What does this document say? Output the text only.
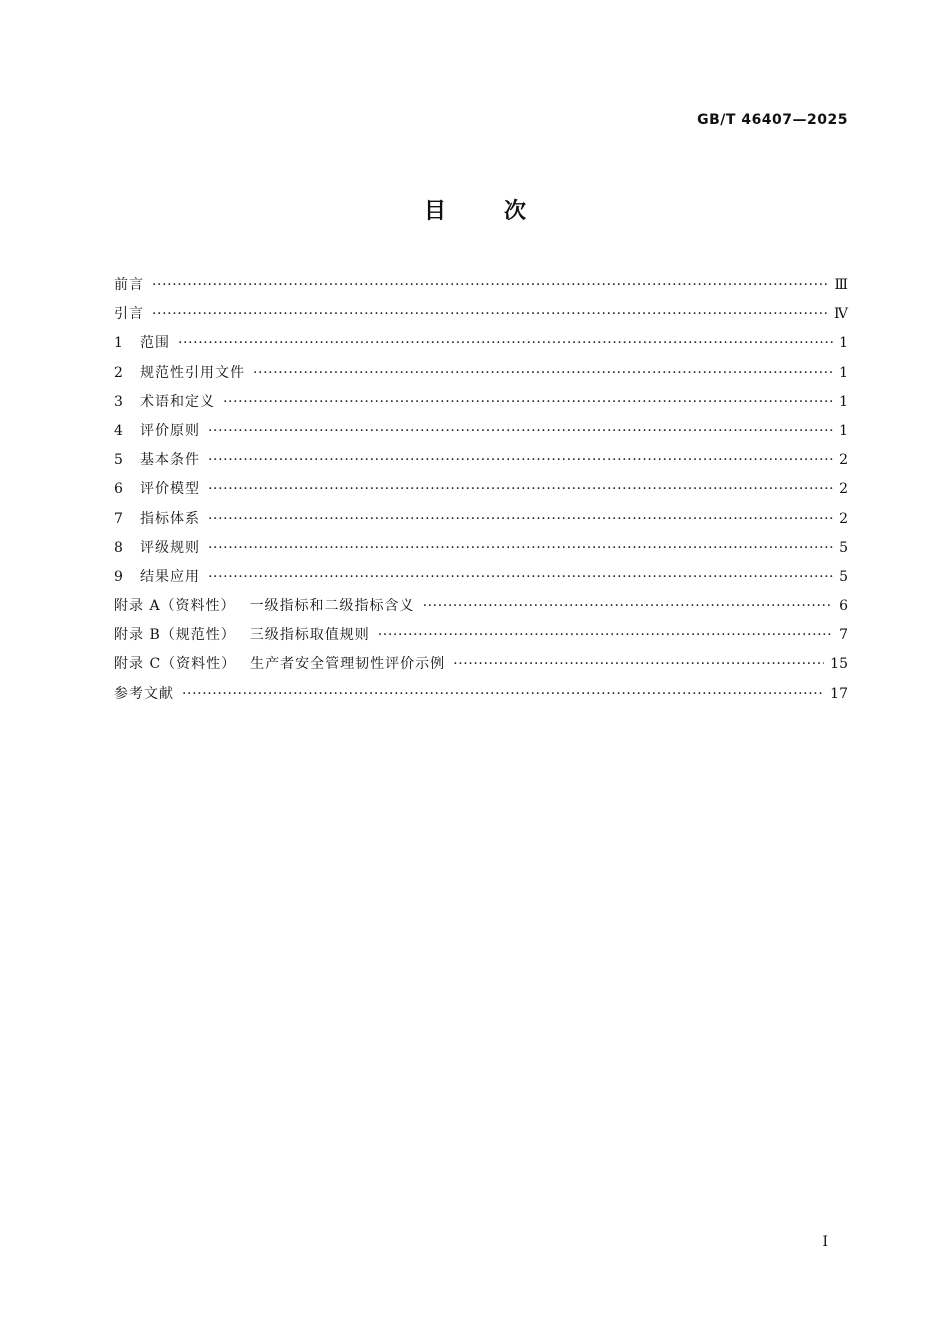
GB/T 46407—2025
目	次
前言 ·····	Ⅲ
引言 ·····	Ⅳ
1	范围 ·····	1
2	规范性引用文件 ·····	1
3	术语和定义 ·····	1
4	评价原则 ·····	1
5	基本条件 ·····	2
6	评价模型 ·····	2
7	指标体系 ·····	2
8	评级规则 ·····	5
9	结果应用 ·····	5
附录 A（资料性） 一级指标和二级指标含义 ·····	6
附录 B（规范性） 三级指标取值规则 ·····	7
附录 C（资料性） 生产者安全管理韧性评价示例 ·····	15
参考文献 ·····	17
Ⅰ
